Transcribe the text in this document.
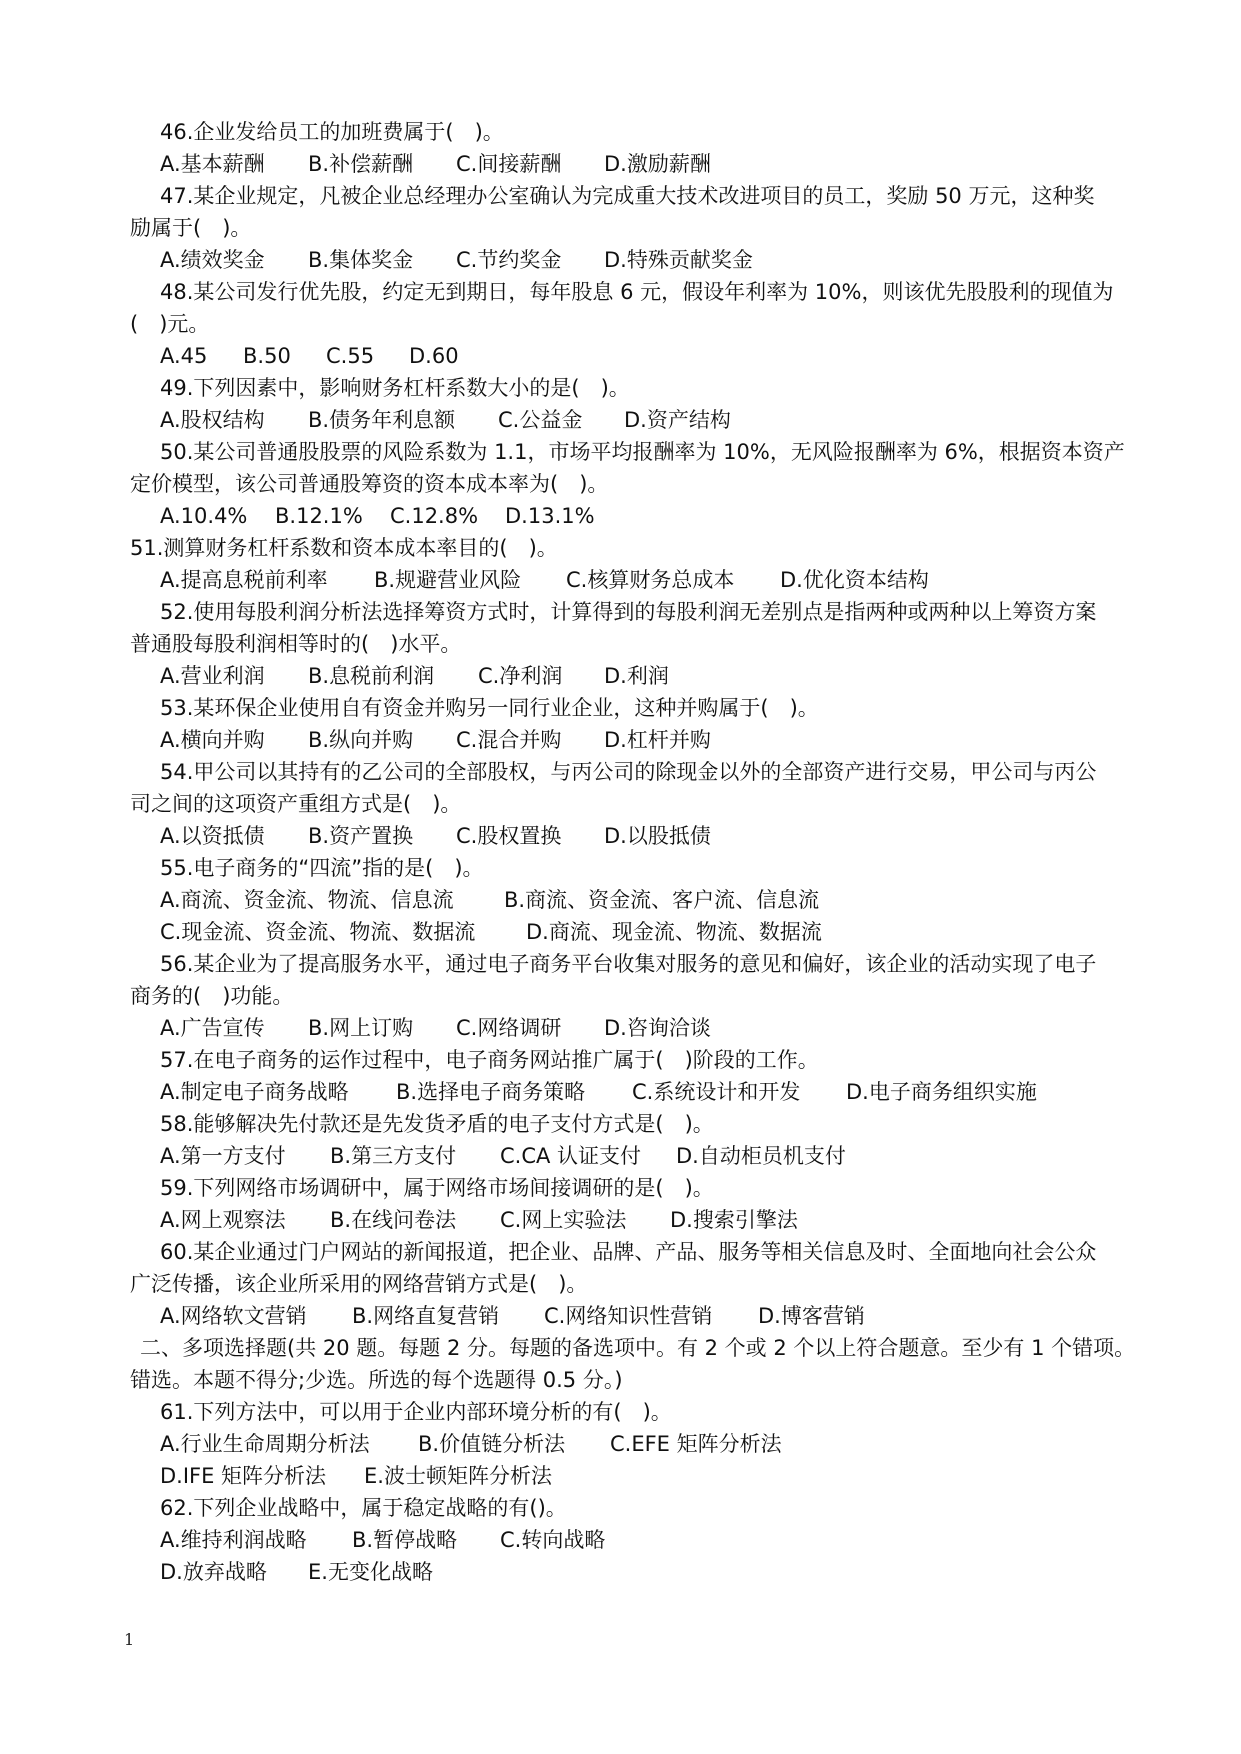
46.企业发给员工的加班费属于(　)。
A.基本薪酬	B.补偿薪酬	C.间接薪酬	D.激励薪酬
47.某企业规定，凡被企业总经理办公室确认为完成重大技术改进项目的员工，奖励 50 万元，这种奖
励属于(　)。
A.绩效奖金	B.集体奖金	C.节约奖金	D.特殊贡献奖金
48.某公司发行优先股，约定无到期日，每年股息 6 元，假设年利率为 10%，则该优先股股利的现值为
(　)元。
A.45	B.50	C.55	D.60
49.下列因素中，影响财务杠杆系数大小的是(　)。
A.股权结构	B.债务年利息额	C.公益金	D.资产结构
50.某公司普通股股票的风险系数为 1.1，市场平均报酬率为 10%，无风险报酬率为 6%，根据资本资产
定价模型，该公司普通股筹资的资本成本率为(　)。
A.10.4%	B.12.1%	C.12.8%	D.13.1%
51.测算财务杠杆系数和资本成本率目的(　)。
A.提高息税前利率	B.规避营业风险	C.核算财务总成本	D.优化资本结构
52.使用每股利润分析法选择筹资方式时，计算得到的每股利润无差别点是指两种或两种以上筹资方案
普通股每股利润相等时的(　)水平。
A.营业利润	B.息税前利润	C.净利润	D.利润
53.某环保企业使用自有资金并购另一同行业企业，这种并购属于(　)。
A.横向并购	B.纵向并购	C.混合并购	D.杠杆并购
54.甲公司以其持有的乙公司的全部股权，与丙公司的除现金以外的全部资产进行交易，甲公司与丙公
司之间的这项资产重组方式是(　)。
A.以资抵债	B.资产置换	C.股权置换	D.以股抵债
55.电子商务的“四流”指的是(　)。
A.商流、资金流、物流、信息流	B.商流、资金流、客户流、信息流
C.现金流、资金流、物流、数据流	D.商流、现金流、物流、数据流
56.某企业为了提高服务水平，通过电子商务平台收集对服务的意见和偏好，该企业的活动实现了电子
商务的(　)功能。
A.广告宣传	B.网上订购	C.网络调研	D.咨询洽谈
57.在电子商务的运作过程中，电子商务网站推广属于(　)阶段的工作。
A.制定电子商务战略	B.选择电子商务策略	C.系统设计和开发	D.电子商务组织实施
58.能够解决先付款还是先发货矛盾的电子支付方式是(　)。
A.第一方支付	B.第三方支付	C.CA 认证支付	D.自动柜员机支付
59.下列网络市场调研中，属于网络市场间接调研的是(　)。
A.网上观察法	B.在线问卷法	C.网上实验法	D.搜索引擎法
60.某企业通过门户网站的新闻报道，把企业、品牌、产品、服务等相关信息及时、全面地向社会公众
广泛传播，该企业所采用的网络营销方式是(　)。
A.网络软文营销	B.网络直复营销	C.网络知识性营销	D.博客营销
二、多项选择题(共 20 题。每题 2 分。每题的备选项中。有 2 个或 2 个以上符合题意。至少有 1 个错项。
错选。本题不得分;少选。所选的每个选题得 0.5 分。)
61.下列方法中，可以用于企业内部环境分析的有(　)。
A.行业生命周期分析法	B.价值链分析法	C.EFE 矩阵分析法
D.IFE 矩阵分析法	E.波士顿矩阵分析法
62.下列企业战略中，属于稳定战略的有()。
A.维持利润战略	B.暂停战略	C.转向战略
D.放弃战略	E.无变化战略
1
